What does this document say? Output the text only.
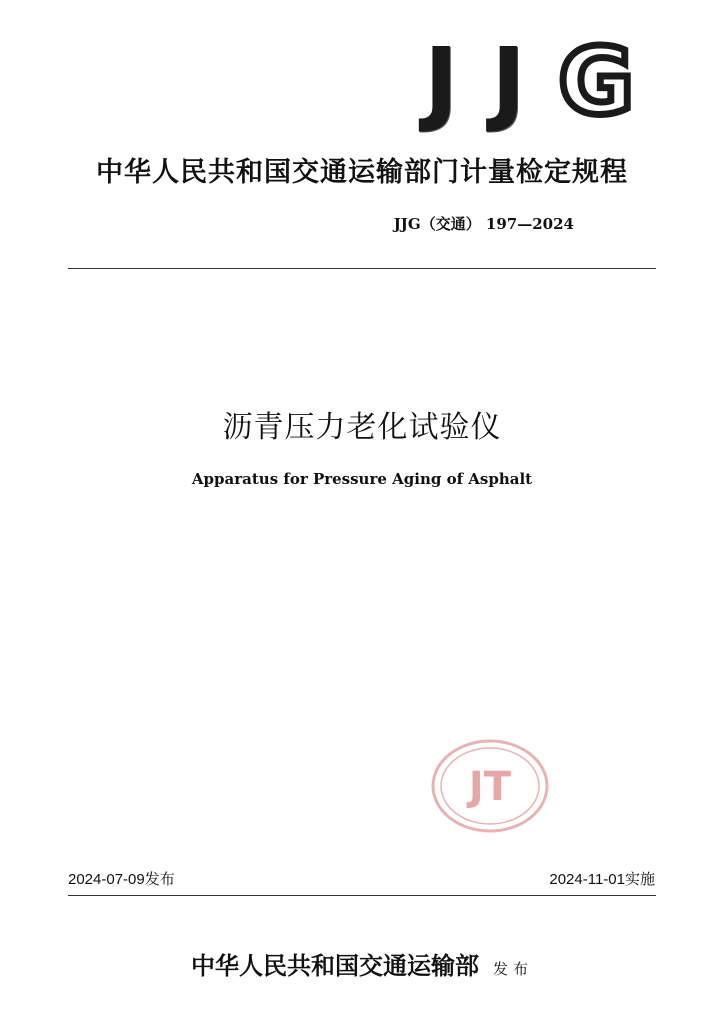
J J G
中华人民共和国交通运输部门计量检定规程
JJG（交通） 197—2024
沥青压力老化试验仪
Apparatus for Pressure Aging of Asphalt
JT
2024-07-09发布	2024-11-01实施
中华人民共和国交通运输部 发布
